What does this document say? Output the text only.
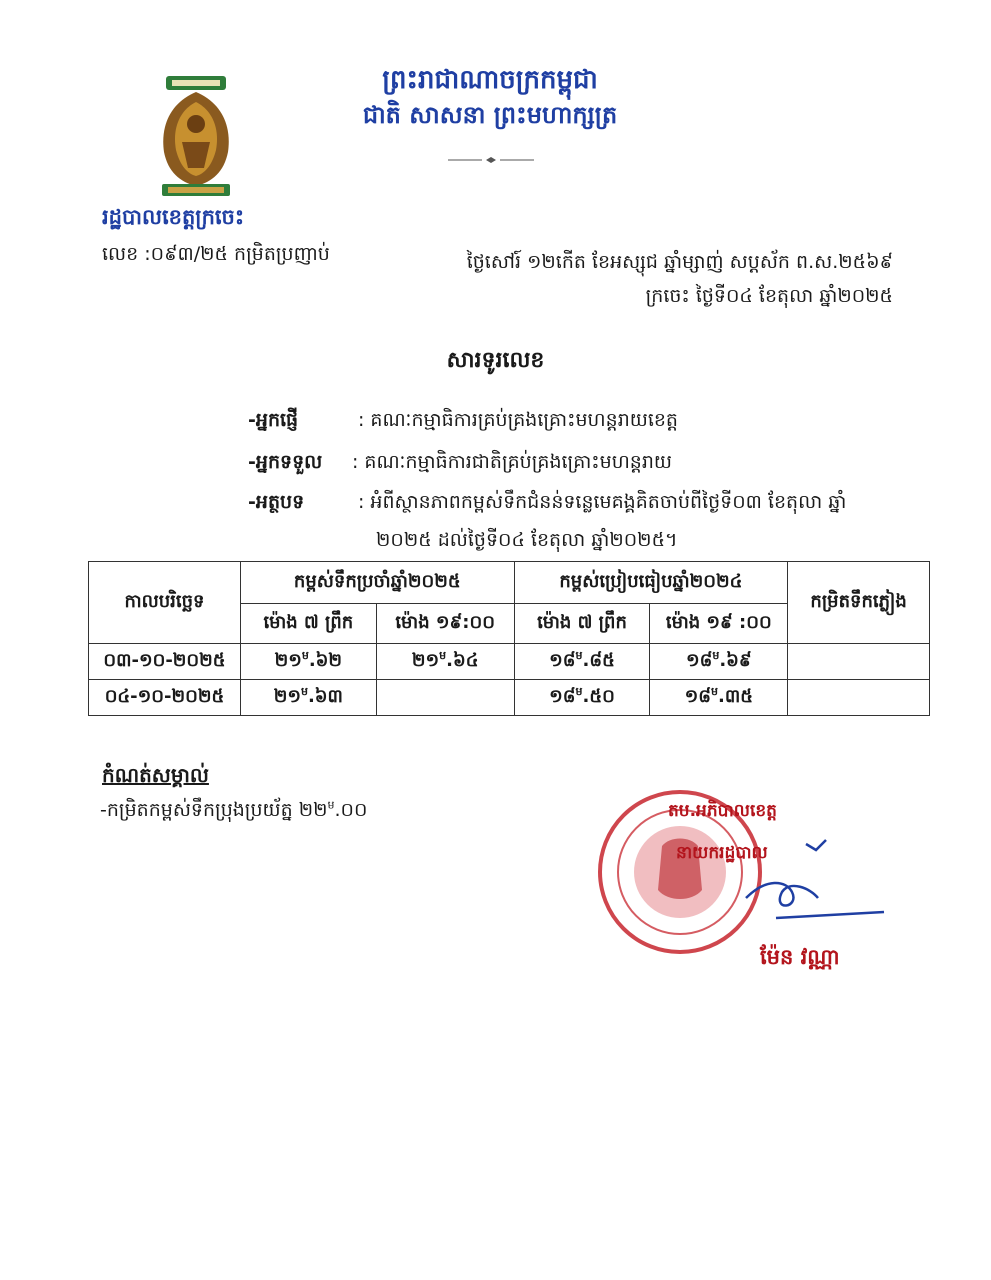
ព្រះរាជាណាចក្រកម្ពុជា
ជាតិ សាសនា ព្រះមហាក្សត្រ
រដ្ឋបាលខេត្តក្រចេះ
លេខ :០៩៣/២៥ កម្រិតប្រញាប់	ថ្ងៃសៅរ៍ ១២កើត ខែអស្សុជ ឆ្នាំម្សាញ់ សប្តស័ក ព.ស.២៥៦៩
ក្រចេះ ថ្ងៃទី០៤ ខែតុលា ឆ្នាំ២០២៥
សារទូរលេខ
-អ្នកផ្ញើ	: គណៈកម្មាធិការគ្រប់គ្រងគ្រោះមហន្តរាយខេត្ត
-អ្នកទទួល : គណៈកម្មាធិការជាតិគ្រប់គ្រងគ្រោះមហន្តរាយ
-អត្ថបទ	: អំពីស្ថានភាពកម្ពស់ទឹកជំនន់ទន្លេមេគង្គគិតចាប់ពីថ្ងៃទី០៣ ខែតុលា ឆ្នាំ
២០២៥ ដល់ថ្ងៃទី០៤ ខែតុលា ឆ្នាំ២០២៥។
កាលបរិច្ឆេទ	កម្ពស់ទឹកប្រចាំឆ្នាំ២០២៥		កម្ពស់ប្រៀបធៀបឆ្នាំ២០២៤		កម្រិតទឹកភ្លៀង
	ម៉ោង ៧ ព្រឹក	ម៉ោង ១៩:០០	ម៉ោង ៧ ព្រឹក	ម៉ោង ១៩ :០០	
០៣-១០-២០២៥	២១$^ម$.៦២	២១$^ម$.៦៤	១៨$^ម$.៨៥	១៨$^ម$.៦៩	
០៤-១០-២០២៥	២១$^ម$.៦៣		១៨$^ម$.៥០	១៨$^ម$.៣៥	
កំណត់សម្គាល់
-កម្រិតកម្ពស់ទឹកប្រុងប្រយ័ត្ន ២២$^ម$.០០	តប.អភិបាលខេត្ត
នាយករដ្ឋបាល
ម៉ែន វណ្ណា
